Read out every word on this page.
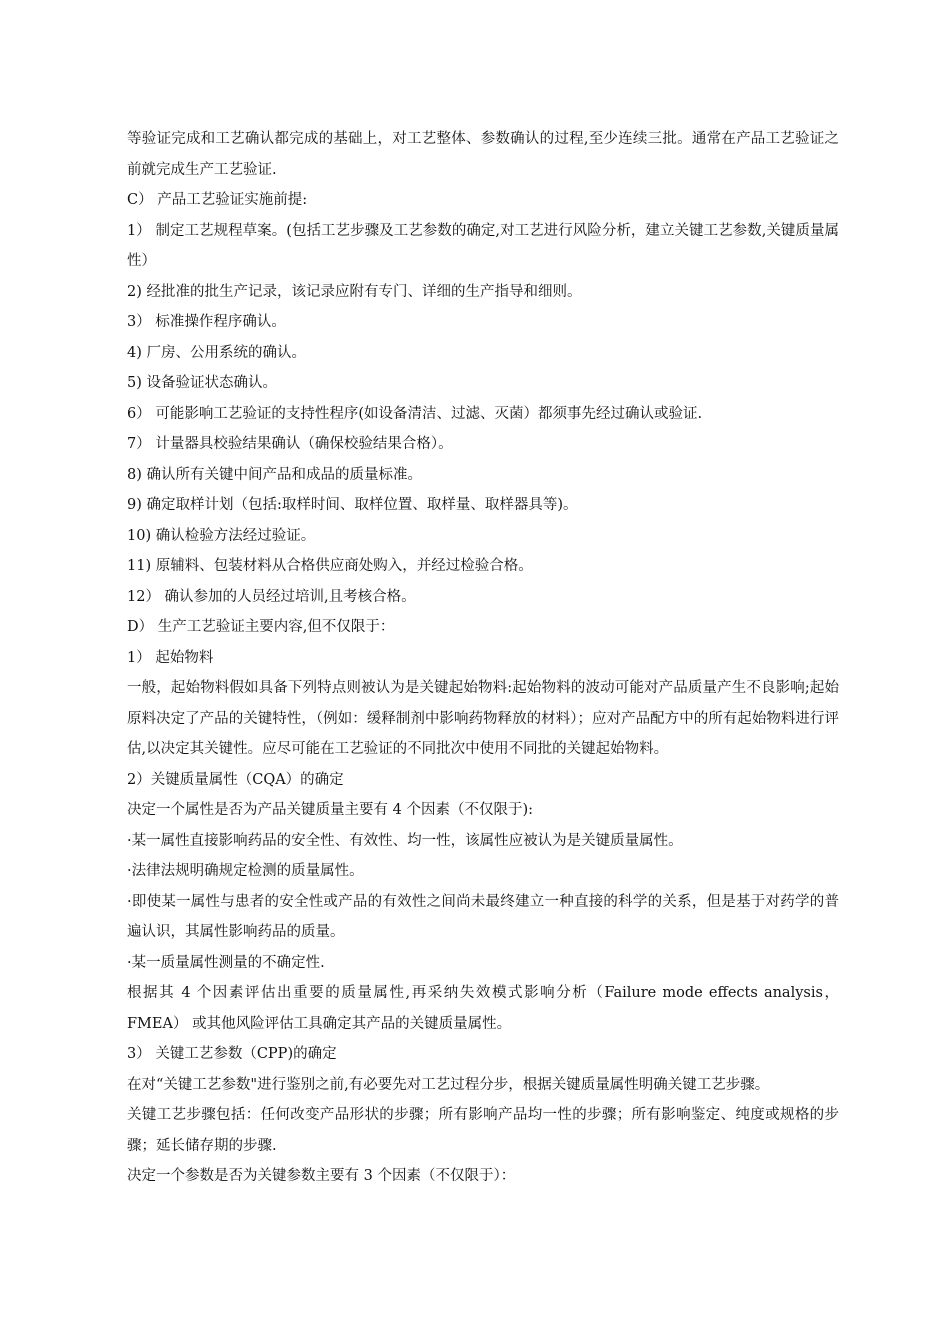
等验证完成和工艺确认都完成的基础上，对工艺整体、参数确认的过程,至少连续三批。通常在产品工艺验证之前就完成生产工艺验证.

C） 产品工艺验证实施前提:

1） 制定工艺规程草案。(包括工艺步骤及工艺参数的确定,对工艺进行风险分析，建立关键工艺参数,关键质量属性）

2) 经批准的批生产记录，该记录应附有专门、详细的生产指导和细则。

3） 标准操作程序确认。

4) 厂房、公用系统的确认。

5) 设备验证状态确认。

6） 可能影响工艺验证的支持性程序(如设备清洁、过滤、灭菌）都须事先经过确认或验证.

7） 计量器具校验结果确认（确保校验结果合格）。

8) 确认所有关键中间产品和成品的质量标准。

9) 确定取样计划（包括:取样时间、取样位置、取样量、取样器具等)。

10) 确认检验方法经过验证。

11) 原辅料、包装材料从合格供应商处购入，并经过检验合格。

12） 确认参加的人员经过培训,且考核合格。

D） 生产工艺验证主要内容,但不仅限于：

1） 起始物料

一般，起始物料假如具备下列特点则被认为是关键起始物料:起始物料的波动可能对产品质量产生不良影响;起始原料决定了产品的关键特性，（例如：缓释制剂中影响药物释放的材料）；应对产品配方中的所有起始物料进行评估,以决定其关键性。应尽可能在工艺验证的不同批次中使用不同批的关键起始物料。

2）关键质量属性（CQA）的确定

决定一个属性是否为产品关键质量主要有 4 个因素（不仅限于):

·某一属性直接影响药品的安全性、有效性、均一性，该属性应被认为是关键质量属性。

·法律法规明确规定检测的质量属性。

·即使某一属性与患者的安全性或产品的有效性之间尚未最终建立一种直接的科学的关系，但是基于对药学的普遍认识，其属性影响药品的质量。

·某一质量属性测量的不确定性.

根据其 4 个因素评估出重要的质量属性,再采纳失效模式影响分析（Failure mode effects analysis，FMEA） 或其他风险评估工具确定其产品的关键质量属性。

3） 关键工艺参数（CPP)的确定

在对“关键工艺参数"进行鉴别之前,有必要先对工艺过程分步，根据关键质量属性明确关键工艺步骤。

关键工艺步骤包括：任何改变产品形状的步骤；所有影响产品均一性的步骤；所有影响鉴定、纯度或规格的步骤；延长储存期的步骤.

决定一个参数是否为关键参数主要有 3 个因素（不仅限于）：
